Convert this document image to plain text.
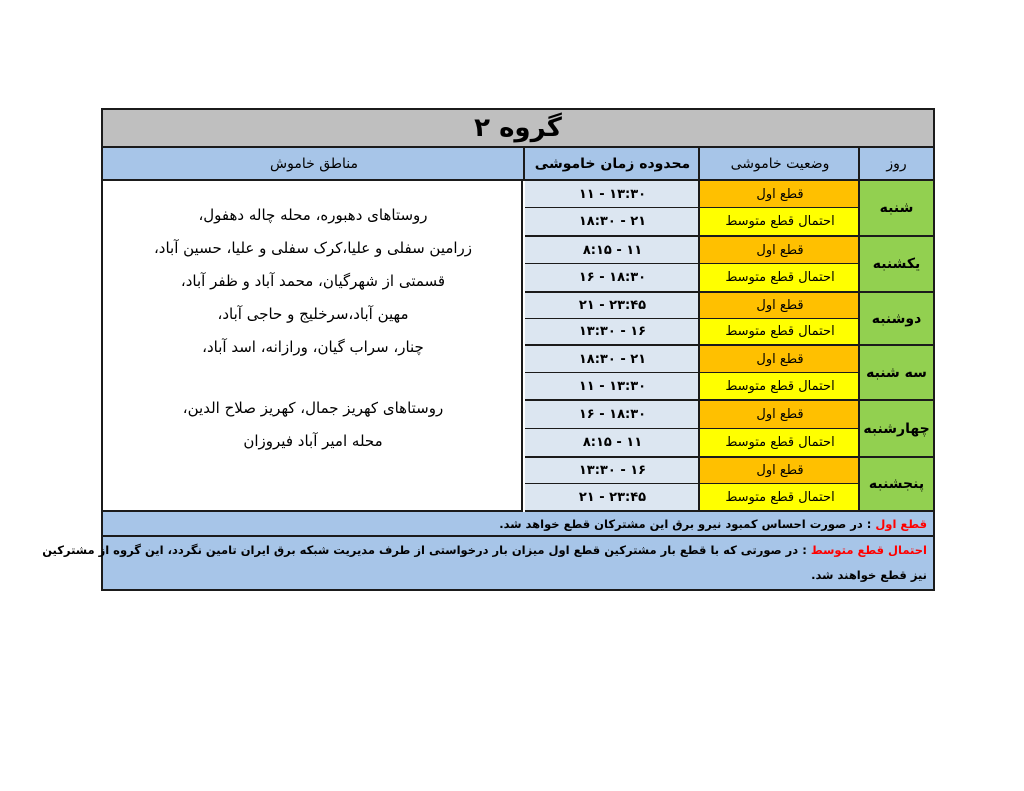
گروه ۲
روز
وضعیت خاموشی
محدوده زمان خاموشی
مناطق خاموش
روستاهای دهبوره، محله چاله دهفول،
زرامین سفلی و علیا،کرک سفلی و علیا، حسین آباد،
قسمتی از شهرگیان، محمد آباد و ظفر آباد،
مهین آباد،سرخلیج و حاجی آباد،
چنار، سراب گیان، ورازانه، اسد آباد،
روستاهای کهریز جمال، کهریز صلاح الدین،
محله امیر آباد فیروزان
شنبه
قطع اول
احتمال قطع متوسط
۱۱ - ۱۳:۳۰
۱۸:۳۰ - ۲۱
یکشنبه
قطع اول
احتمال قطع متوسط
۸:۱۵ - ۱۱
۱۶ - ۱۸:۳۰
دوشنبه
قطع اول
احتمال قطع متوسط
۲۱ - ۲۳:۴۵
۱۳:۳۰ - ۱۶
سه شنبه
قطع اول
احتمال قطع متوسط
۱۸:۳۰ - ۲۱
۱۱ - ۱۳:۳۰
چهارشنبه
قطع اول
احتمال قطع متوسط
۱۶ - ۱۸:۳۰
۸:۱۵ - ۱۱
پنجشنبه
قطع اول
احتمال قطع متوسط
۱۳:۳۰ - ۱۶
۲۱ - ۲۳:۴۵
قطع اول : در صورت احساس کمبود نیرو برق این مشترکان قطع خواهد شد.
احتمال قطع متوسط : در صورتی که با قطع بار مشترکین قطع اول میزان بار درخواستی از طرف مدیریت شبکه برق ایران تامین نگردد، این گروه از مشترکین
نیز قطع خواهند شد.
